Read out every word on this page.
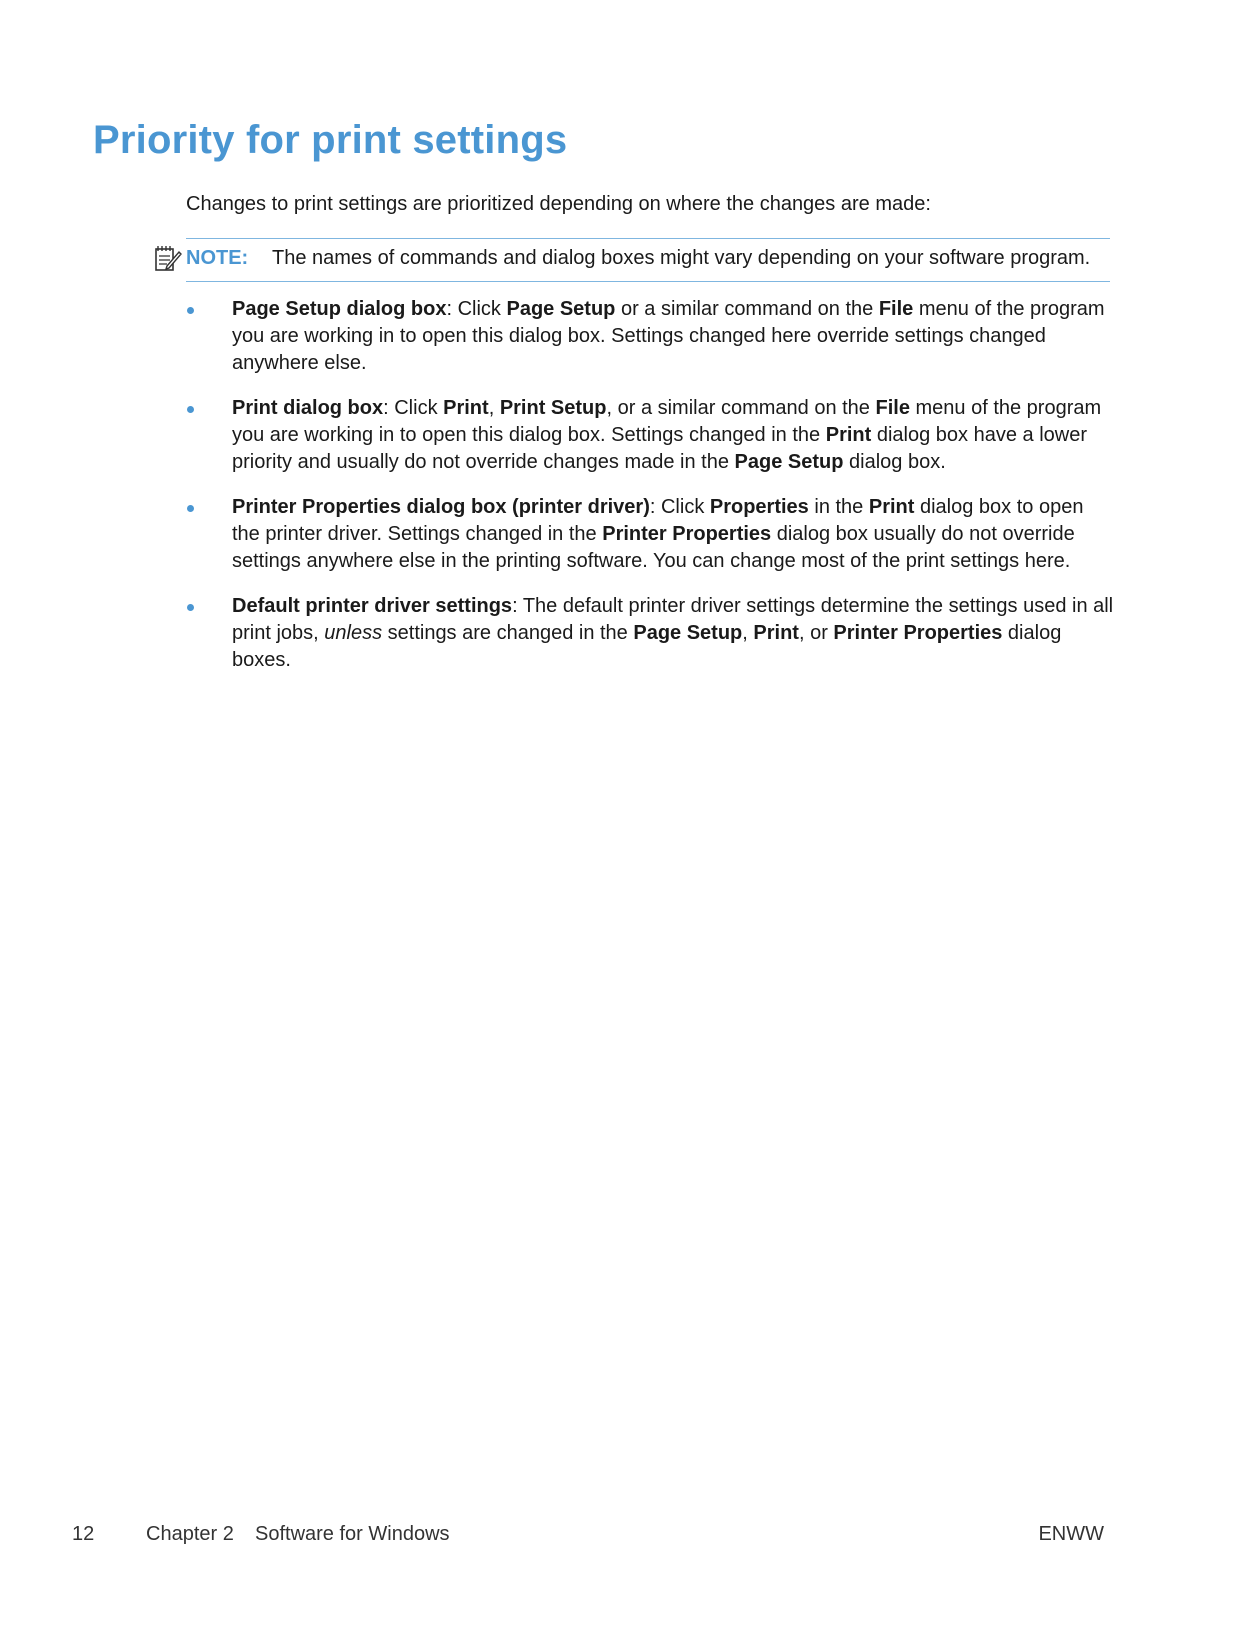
Priority for print settings

Changes to print settings are prioritized depending on where the changes are made:

NOTE: The names of commands and dialog boxes might vary depending on your software program.
Page Setup dialog box: Click Page Setup or a similar command on the File menu of the program you are working in to open this dialog box. Settings changed here override settings changed anywhere else.
Print dialog box: Click Print, Print Setup, or a similar command on the File menu of the program you are working in to open this dialog box. Settings changed in the Print dialog box have a lower priority and usually do not override changes made in the Page Setup dialog box.
Printer Properties dialog box (printer driver): Click Properties in the Print dialog box to open the printer driver. Settings changed in the Printer Properties dialog box usually do not override settings anywhere else in the printing software. You can change most of the print settings here.
Default printer driver settings: The default printer driver settings determine the settings used in all print jobs, unless settings are changed in the Page Setup, Print, or Printer Properties dialog boxes.
12	Chapter 2 Software for Windows	ENWW
